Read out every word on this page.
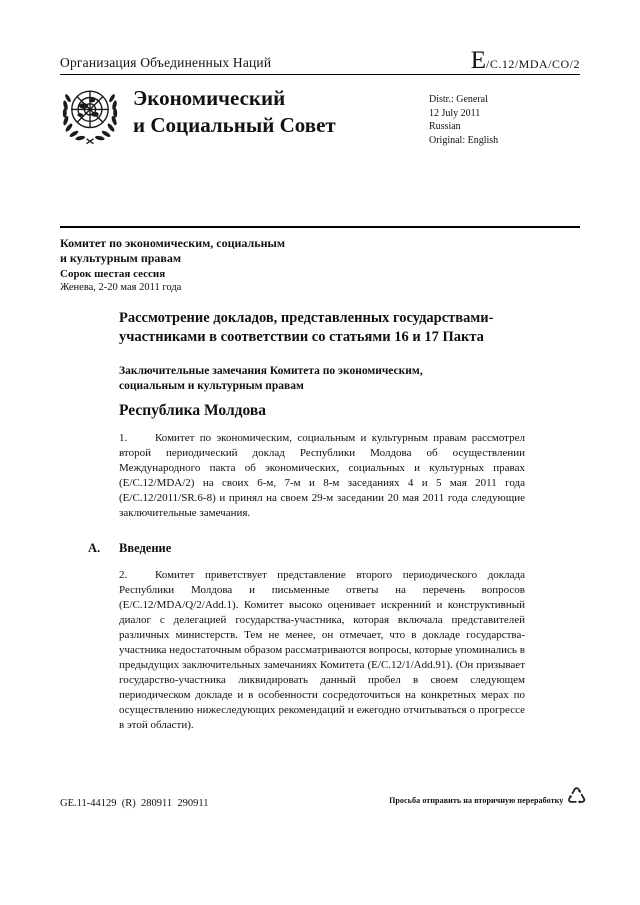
Организация Объединенных Наций	E/C.12/MDA/CO/2
Экономический
и Социальный Совет
Distr.: General
12 July 2011
Russian
Original: English
Комитет по экономическим, социальным
и культурным правам
Сорок шестая сессия
Женева, 2-20 мая 2011 года
Рассмотрение докладов, представленных государствами-участниками в соответствии со статьями 16 и 17 Пакта
Заключительные замечания Комитета по экономическим, социальным и культурным правам
Республика Молдова

1.	Комитет по экономическим, социальным и культурным правам рассмотрел второй периодический доклад Республики Молдова об осуществлении Международного пакта об экономических, социальных и культурных правах (E/C.12/MDA/2) на своих 6-м, 7-м и 8-м заседаниях 4 и 5 мая 2011 года (E/C.12/2011/SR.6-8) и принял на своем 29-м заседании 20 мая 2011 года следующие заключительные замечания.

A. Введение

2.	Комитет приветствует представление второго периодического доклада Республики Молдова и письменные ответы на перечень вопросов (E/C.12/MDA/Q/2/Add.1). Комитет высоко оценивает искренний и конструктивный диалог с делегацией государства-участника, которая включала представителей различных министерств. Тем не менее, он отмечает, что в докладе государства-участника недостаточным образом рассматриваются вопросы, которые упоминались в предыдущих заключительных замечаниях Комитета (E/C.12/1/Add.91). (Он призывает государство-участника ликвидировать данный пробел в своем следующем периодическом докладе и в особенности сосредоточиться на конкретных мерах по осуществлению нижеследующих рекомендаций и ежегодно отчитываться о прогрессе в этой области).

GE.11-44129  (R)  280911  290911	Просьба отправить на вторичную переработку ♺
